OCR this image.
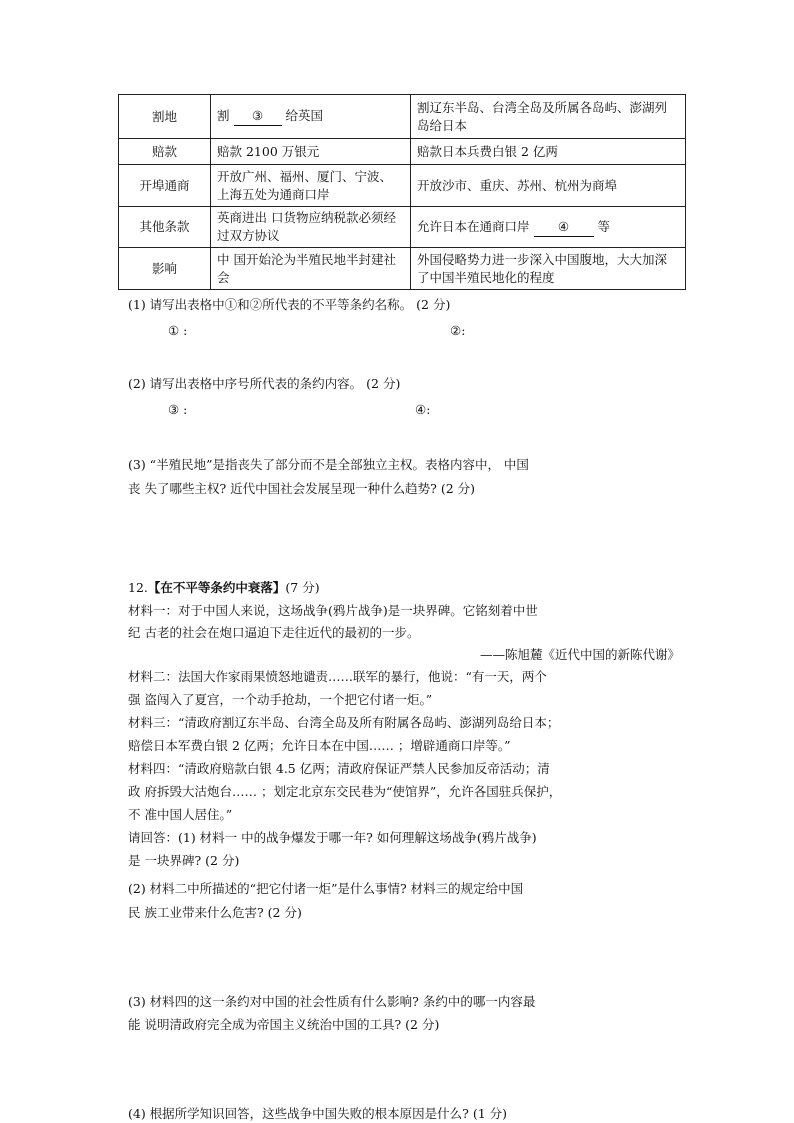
割地	割 ③ 给英国	割辽东半岛、台湾全岛及所属各岛屿、澎湖列岛给日本
赔款	赔款 2100 万银元	赔款日本兵费白银 2 亿两
开埠通商	开放广州、福州、厦门、宁波、上海五处为通商口岸	开放沙市、重庆、苏州、杭州为商埠
其他条款	英商进出 口货物应纳税款必须经过双方协议	允许日本在通商口岸 ④ 等
影响	中 国开始沦为半殖民地半封建社会	外国侵略势力进一步深入中国腹地，大大加深了中国半殖民地化的程度
(1) 请写出表格中①和②所代表的不平等条约名称。 (2 分)
① :	②:
(2) 请写出表格中序号所代表的条约内容。 (2 分)
③ :	④:
(3) “半殖民地”是指丧失了部分而不是全部独立主权。表格内容中， 中国
丧 失了哪些主权? 近代中国社会发展呈现一种什么趋势? (2 分)
12.【在不平等条约中衰落】(7 分)
材料一：对于中国人来说，这场战争(鸦片战争)是一块界碑。它铭刻着中世
纪 古老的社会在炮口逼迫下走往近代的最初的一步。
——陈旭麓《近代中国的新陈代谢》
材料二：法国大作家雨果愤怒地谴责……联军的暴行，他说：“有一天，两个
强 盗闯入了夏宫，一个动手抢劫，一个把它付诸一炬。”
材料三：“清政府割辽东半岛、台湾全岛及所有附属各岛屿、澎湖列岛给日本；
赔偿日本军费白银 2 亿两；允许日本在中国…… ；增辟通商口岸等。”
材料四：“清政府赔款白银 4.5 亿两；清政府保证严禁人民参加反帝活动；清
政 府拆毁大沽炮台…… ；划定北京东交民巷为“使馆界”，允许各国驻兵保护，
不 准中国人居住。”
请回答：(1) 材料一 中的战争爆发于哪一年? 如何理解这场战争(鸦片战争)
是 一块界碑? (2 分)
(2) 材料二中所描述的“把它付诸一炬”是什么事情? 材料三的规定给中国
民 族工业带来什么危害? (2 分)
(3) 材料四的这一条约对中国的社会性质有什么影响? 条约中的哪一内容最
能 说明清政府完全成为帝国主义统治中国的工具? (2 分)
(4) 根据所学知识回答，这些战争中国失败的根本原因是什么? (1 分)
